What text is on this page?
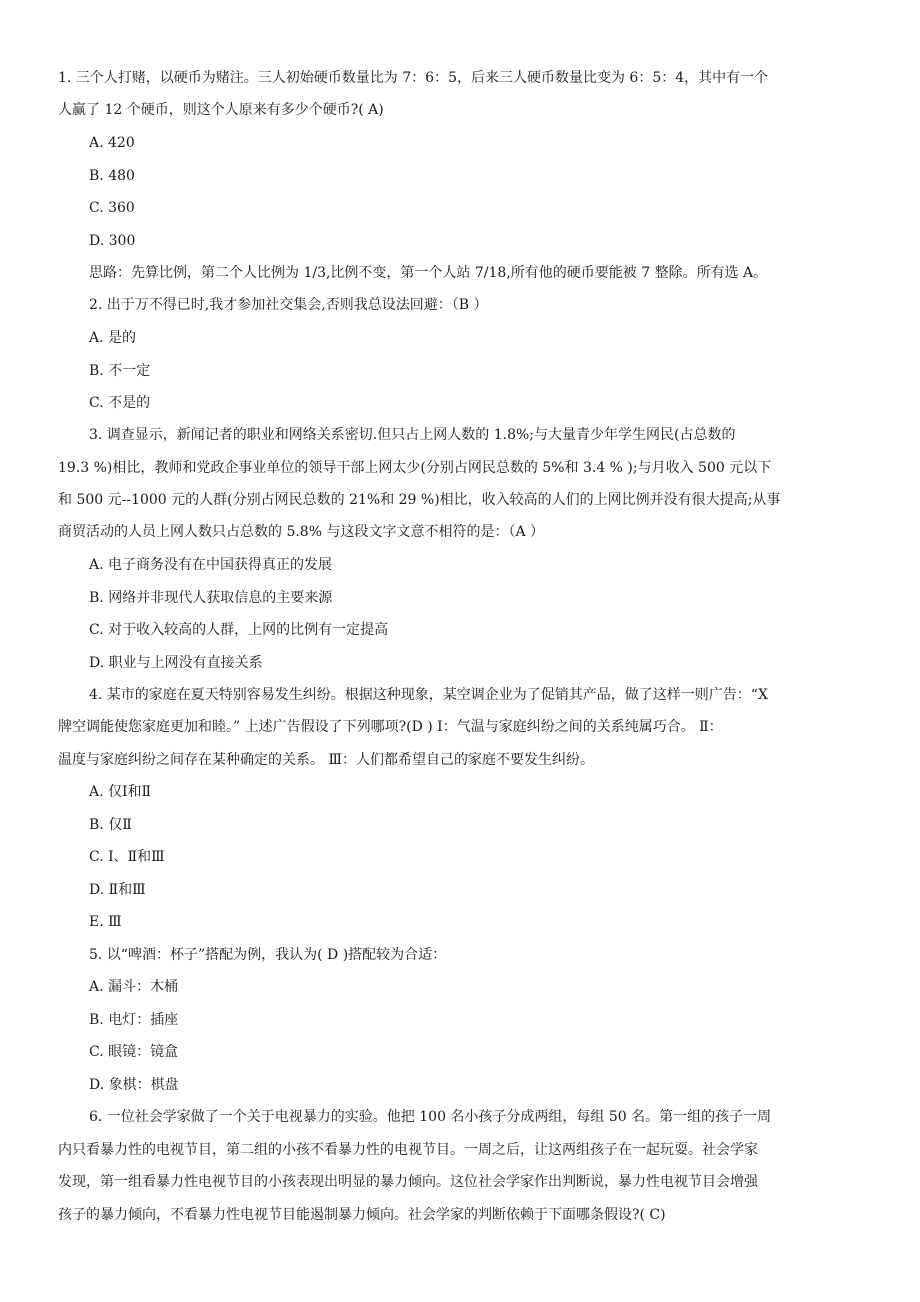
1. 三个人打赌，以硬币为赌注。三人初始硬币数量比为 7：6：5，后来三人硬币数量比变为 6：5：4，其中有一个
人赢了 12 个硬币，则这个人原来有多少个硬币?( A)
A. 420
B. 480
C. 360
D. 300
思路：先算比例，第二个人比例为 1/3,比例不变，第一个人站 7/18,所有他的硬币要能被 7 整除。所有选 A。
2. 出于万不得已时,我才参加社交集会,否则我总设法回避：（B ）
A. 是的
B. 不一定
C. 不是的
3. 调查显示，新闻记者的职业和网络关系密切.但只占上网人数的 1.8%;与大量青少年学生网民(占总数的
19.3 %)相比，教师和党政企事业单位的领导干部上网太少(分别占网民总数的 5%和 3.4 % );与月收入 500 元以下
和 500 元--1000 元的人群(分别占网民总数的 21%和 29 %)相比，收入较高的人们的上网比例并没有很大提高;从事
商贸活动的人员上网人数只占总数的 5.8% 与这段文字文意不相符的是：（A ）
A. 电子商务没有在中国获得真正的发展
B. 网络并非现代人获取信息的主要来源
C. 对于收入较高的人群，上网的比例有一定提高
D. 职业与上网没有直接关系
4. 某市的家庭在夏天特别容易发生纠纷。根据这种现象，某空调企业为了促销其产品，做了这样一则广告：“X
牌空调能使您家庭更加和睦。” 上述广告假设了下列哪项?(D ) Ⅰ：气温与家庭纠纷之间的关系纯属巧合。 Ⅱ：
温度与家庭纠纷之间存在某种确定的关系。 Ⅲ：人们都希望自己的家庭不要发生纠纷。
A. 仅Ⅰ和Ⅱ
B. 仅Ⅱ
C. Ⅰ、Ⅱ和Ⅲ
D. Ⅱ和Ⅲ
E. Ⅲ
5. 以“啤酒：杯子”搭配为例，我认为( D )搭配较为合适：
A. 漏斗：木桶
B. 电灯：插座
C. 眼镜：镜盒
D. 象棋：棋盘
6. 一位社会学家做了一个关于电视暴力的实验。他把 100 名小孩子分成两组，每组 50 名。第一组的孩子一周
内只看暴力性的电视节目，第二组的小孩不看暴力性的电视节目。一周之后，让这两组孩子在一起玩耍。社会学家
发现，第一组看暴力性电视节目的小孩表现出明显的暴力倾向。这位社会学家作出判断说，暴力性电视节目会增强
孩子的暴力倾向，不看暴力性电视节目能遏制暴力倾向。社会学家的判断依赖于下面哪条假设?( C)
